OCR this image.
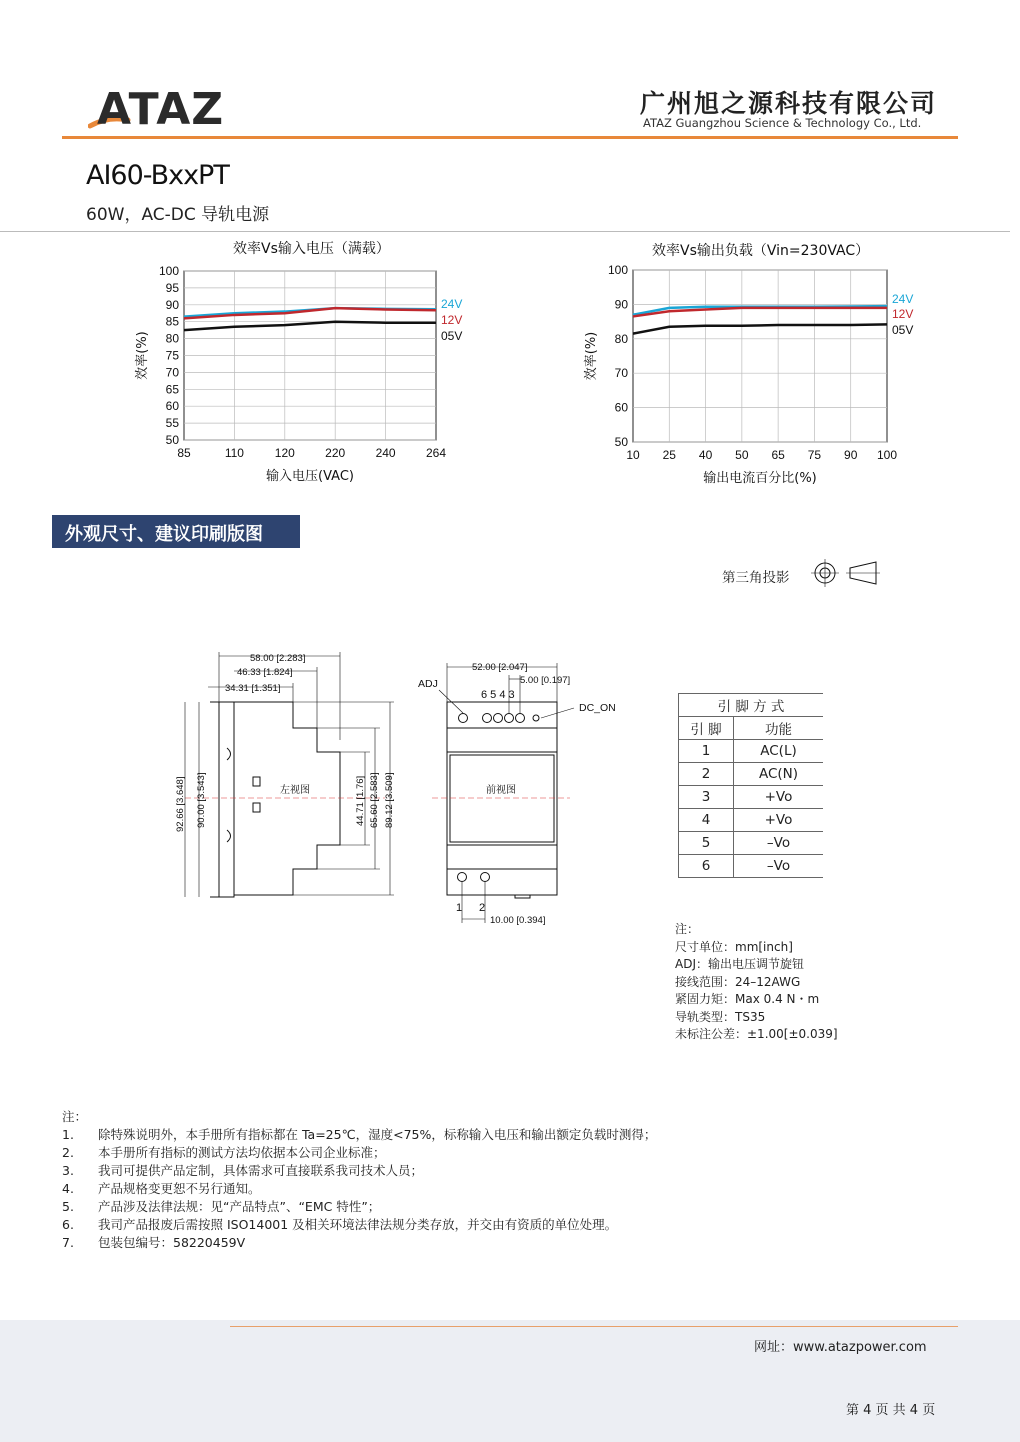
ATAZ	广州旭之源科技有限公司
ATAZ Guangzhou Science & Technology Co., Ltd.
AI60-BxxPT
60W，AC-DC 导轨电源
效率Vs输入电压（满载）
100
95
90
85
80
75
70
65
60
55
50
85	110	120	220	240	264
24V
12V
05V
输入电压(VAC)
效率(%)
效率Vs输出负载（Vin=230VAC）
100
90
80
70
60
50
10 25 40 50 65 75 90 100
24V
12V
05V
输出电流百分比(%)
效率(%)
外观尺寸、建议印刷版图
第三角投影
左视图
58.00 [2.283]
46.33 [1.824]
34.31 [1.351]
92.66 [3.648] 90.00 [3.543]	44.71 [1.76] 65.60 [2.583] 89.12 [3.509]	前视图
52.00 [2.047]
5.00 [0.197]
ADJ
6 5 4 3
DC_ON
1 2
10.00 [0.394]
引 脚 方 式	
引 脚	功能
1	AC(L)
2	AC(N)
3	+Vo
4	+Vo
5	–Vo
6	–Vo
注：
尺寸单位：mm[inch]
ADJ：输出电压调节旋钮
接线范围：24–12AWG
紧固力矩：Max 0.4 N・m
导轨类型：TS35
未标注公差：±1.00[±0.039]
注：
1.	除特殊说明外，本手册所有指标都在 Ta=25℃，湿度<75%，标称输入电压和输出额定负载时测得；
2.	本手册所有指标的测试方法均依据本公司企业标准；
3.	我司可提供产品定制，具体需求可直接联系我司技术人员；
4.	产品规格变更恕不另行通知。
5.	产品涉及法律法规：见“产品特点”、“EMC 特性”；
6.	我司产品报废后需按照 ISO14001 及相关环境法律法规分类存放，并交由有资质的单位处理。
7.	包装包编号：58220459V
网址：www.atazpower.com
第 4 页 共 4 页
